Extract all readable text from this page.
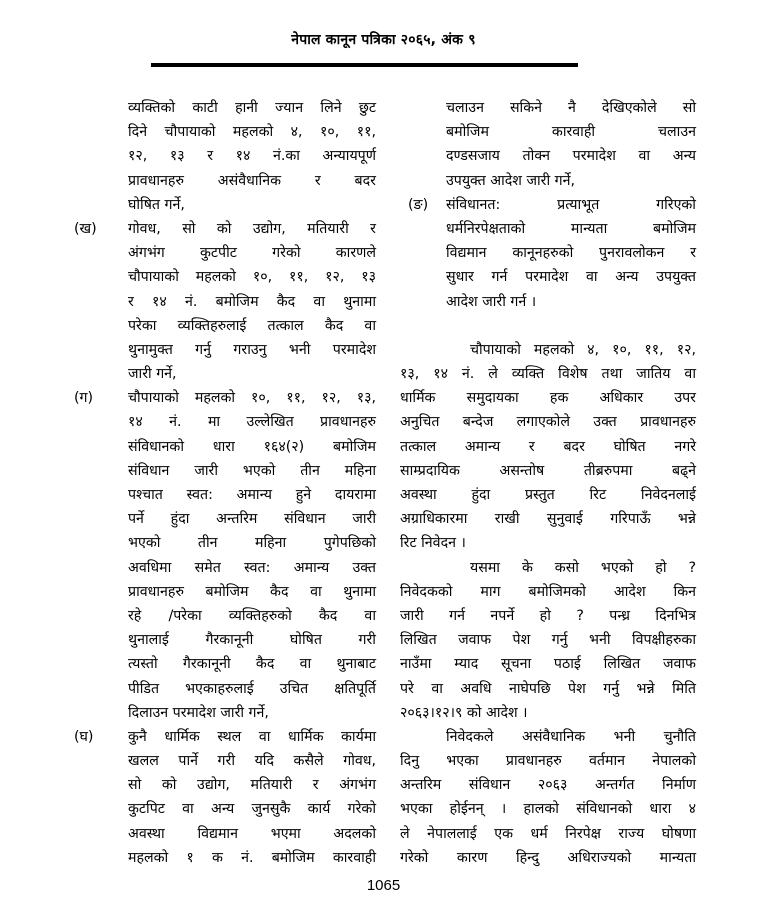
नेपाल कानून पत्रिका २०६५, अंक ९
व्यक्तिको काटी हानी ज्यान लिने छुट
दिने चौपायाको महलको ४, १०, ११,
१२, १३ र १४ नं.का अन्यायपूर्ण
प्रावधानहरु असंवैधानिक र बदर
घोषित गर्ने,
(ख) गोवध, सो को उद्योग, मतियारी र
अंगभंग कुटपीट गरेको कारणले
चौपायाको महलको १०, ११, १२, १३
र १४ नं. बमोजिम कैद वा थुनामा
परेका व्यक्तिहरुलाई तत्काल कैद वा
थुनामुक्त गर्नु गराउनु भनी परमादेश
जारी गर्ने,
(ग) चौपायाको महलको १०, ११, १२, १३,
१४ नं. मा उल्लेखित प्रावधानहरु
संविधानको धारा १६४(२) बमोजिम
संविधान जारी भएको तीन महिना
पश्चात स्वत: अमान्य हुने दायरामा
पर्ने हुंदा अन्तरिम संविधान जारी
भएको तीन महिना पुगेपछिको
अवधिमा समेत स्वत: अमान्य उक्त
प्रावधानहरु बमोजिम कैद वा थुनामा
रहे /परेका व्यक्तिहरुको कैद वा
थुनालाई गैरकानूनी घोषित गरी
त्यस्तो गैरकानूनी कैद वा थुनाबाट
पीडित भएकाहरुलाई उचित क्षतिपूर्ति
दिलाउन परमादेश जारी गर्ने,
(घ) कुनै धार्मिक स्थल वा धार्मिक कार्यमा
खलल पार्ने गरी यदि कसैले गोवध,
सो को उद्योग, मतियारी र अंगभंग
कुटपिट वा अन्य जुनसुकै कार्य गरेको
अवस्था विद्यमान भएमा अदलको
महलको १ क नं. बमोजिम कारवाही
चलाउन सकिने नै देखिएकोले सो
बमोजिम कारवाही चलाउन
दण्डसजाय तोक्न परमादेश वा अन्य
उपयुक्त आदेश जारी गर्ने,
(ङ) संविधानत: प्रत्याभूत गरिएको
धर्मनिरपेक्षताको मान्यता बमोजिम
विद्यमान कानूनहरुको पुनरावलोकन र
सुधार गर्न परमादेश वा अन्य उपयुक्त
आदेश जारी गर्न ।
चौपायाको महलको ४, १०, ११, १२,
१३, १४ नं. ले व्यक्ति विशेष तथा जातिय वा
धार्मिक समुदायका हक अधिकार उपर
अनुचित बन्देज लगाएकोले उक्त प्रावधानहरु
तत्काल अमान्य र बदर घोषित नगरे
साम्प्रदायिक असन्तोष तीब्ररुपमा बढ्ने
अवस्था हुंदा प्रस्तुत रिट निवेदनलाई
अग्राधिकारमा राखी सुनुवाई गरिपाऊँ भन्ने
रिट निवेदन ।
यसमा के कसो भएको हो ?
निवेदकको माग बमोजिमको आदेश किन
जारी गर्न नपर्ने हो ? पन्ध्र दिनभित्र
लिखित जवाफ पेश गर्नु भनी विपक्षीहरुका
नाउँमा म्याद सूचना पठाई लिखित जवाफ
परे वा अवधि नाघेपछि पेश गर्नु भन्ने मिति
२०६३।१२।९ को आदेश ।
निवेदकले असंवैधानिक भनी चुनौति
दिनु भएका प्रावधानहरु वर्तमान नेपालको
अन्तरिम संविधान २०६३ अन्तर्गत निर्माण
भएका होईनन् । हालको संविधानको धारा ४
ले नेपाललाई एक धर्म निरपेक्ष राज्य घोषणा
गरेको कारण हिन्दु अधिराज्यको मान्यता
1065
